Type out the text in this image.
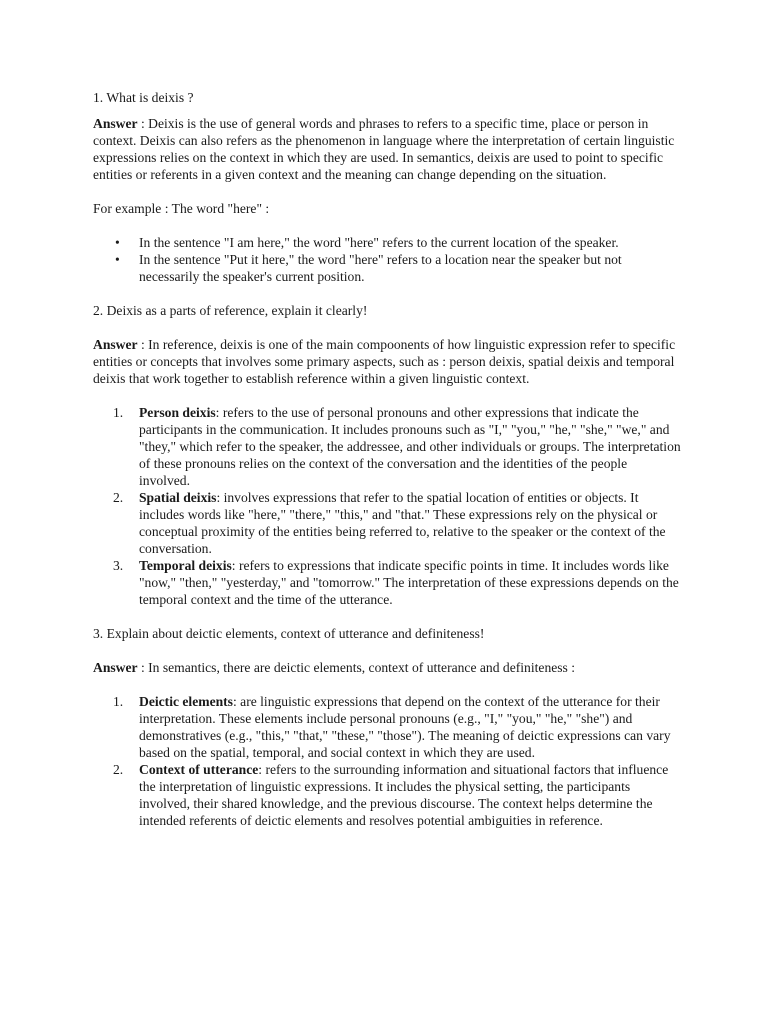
1. What is deixis ?

Answer : Deixis is the use of general words and phrases to refers to a specific time, place or person in context. Deixis can also refers as the phenomenon in language where the interpretation of certain linguistic expressions relies on the context in which they are used. In semantics, deixis are used to point to specific entities or referents in a given context and the meaning can change depending on the situation.

For example : The word "here" :

• In the sentence "I am here," the word "here" refers to the current location of the speaker.
• In the sentence "Put it here," the word "here" refers to a location near the speaker but not necessarily the speaker's current position.

2. Deixis as a parts of reference, explain it clearly!

Answer : In reference, deixis is one of the main compoonents of how linguistic expression refer to specific entities or concepts that involves some primary aspects, such as : person deixis, spatial deixis and temporal deixis that work together to establish reference within a given linguistic context.

1. Person deixis: refers to the use of personal pronouns and other expressions that indicate the participants in the communication. It includes pronouns such as "I," "you," "he," "she," "we," and "they," which refer to the speaker, the addressee, and other individuals or groups. The interpretation of these pronouns relies on the context of the conversation and the identities of the people involved.
2. Spatial deixis: involves expressions that refer to the spatial location of entities or objects. It includes words like "here," "there," "this," and "that." These expressions rely on the physical or conceptual proximity of the entities being referred to, relative to the speaker or the context of the conversation.
3. Temporal deixis: refers to expressions that indicate specific points in time. It includes words like "now," "then," "yesterday," and "tomorrow." The interpretation of these expressions depends on the temporal context and the time of the utterance.

3. Explain about deictic elements, context of utterance and definiteness!

Answer : In semantics, there are deictic elements, context of utterance and definiteness :

1. Deictic elements: are linguistic expressions that depend on the context of the utterance for their interpretation. These elements include personal pronouns (e.g., "I," "you," "he," "she") and demonstratives (e.g., "this," "that," "these," "those"). The meaning of deictic expressions can vary based on the spatial, temporal, and social context in which they are used.
2. Context of utterance: refers to the surrounding information and situational factors that influence the interpretation of linguistic expressions. It includes the physical setting, the participants involved, their shared knowledge, and the previous discourse. The context helps determine the intended referents of deictic elements and resolves potential ambiguities in reference.
